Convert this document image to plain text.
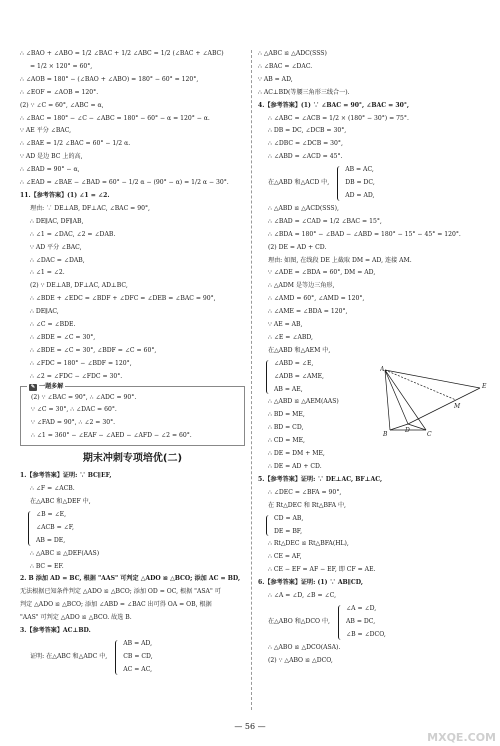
∴ ∠BAO + ∠ABO = 1/2 ∠BAC + 1/2 ∠ABC = 1/2 (∠BAC + ∠ABC)
= 1/2 × 120° = 60°,
∴ ∠AOB = 180° − (∠BAO + ∠ABO) = 180° − 60° = 120°,
∴ ∠EOF = ∠AOB = 120°.
(2) ∵ ∠C = 60°, ∠ABC = α,
∴ ∠BAC = 180° − ∠C − ∠ABC = 180° − 60° − α = 120° − α.
∵ AE 平分 ∠BAC,
∴ ∠BAE = 1/2 ∠BAC = 60° − 1/2 α.
∵ AD 是边 BC 上的高,
∴ ∠BAD = 90° − α,
∴ ∠EAD = ∠BAE − ∠BAD = 60° − 1/2 α − (90° − α) = 1/2 α − 30°.
11.【参考答案】(1) ∠1 = ∠2.
理由: ∵ DE⊥AB, DF⊥AC, ∠BAC = 90°,
∴ DE∥AC, DF∥AB,
∴ ∠1 = ∠DAC, ∠2 = ∠DAB.
∵ AD 平分 ∠BAC,
∴ ∠DAC = ∠DAB,
∴ ∠1 = ∠2.
(2) ∵ DE⊥AB, DF⊥AC, AD⊥BC,
∴ ∠BDE + ∠EDC = ∠BDF + ∠DFC = ∠DEB = ∠BAC = 90°,
∴ DE∥AC,
∴ ∠C = ∠BDE.
∴ ∠BDE = ∠C = 30°,
∴ ∠BDE = ∠C = 30°, ∠BDF = ∠C = 60°,
∴ ∠FDC = 180° − ∠BDF = 120°,
∴ ∠2 = ∠FDC − ∠FDC = 30°.
✎ 一题多解
(2) ∵ ∠BAC = 90°, ∴ ∠ADC = 90°.
∵ ∠C = 30°, ∴ ∠DAC = 60°.
∵ ∠FAD = 90°, ∴ ∠2 = 30°.
∴ ∠1 = 360° − ∠EAF − ∠AED − ∠AFD − ∠2 = 60°.
期末冲刺专项培优(二)
1.【参考答案】证明: ∵ BC∥EF,
∴ ∠F = ∠ACB.
在△ABC 和△DEF 中,
∠B = ∠E,
∠ACB = ∠F,
AB = DE,
∴ △ABC ≌ △DEF(AAS)
∴ BC = EF.
2. B 添加 AD = BC, 根据 "AAS" 可判定 △ADO ≌ △BCO; 添加 AC = BD,
无法根据已知条件判定 △ADO ≌ △BCO; 添加 OD = OC, 根据 "ASA" 可
判定 △ADO ≌ △BCO; 添加 ∠ABD = ∠BAC 出可得 OA = OB, 根据
"AAS" 可判定 △ADO ≌ △BCO. 故选 B.
3.【参考答案】AC⊥BD.
证明: 在△ABC 和△ADC 中,
AB = AD,
CB = CD,
AC = AC,
∴ △ABC ≌ △ADC(SSS)
∴ ∠BAC = ∠DAC.
∵ AB = AD,
∴ AC⊥BD(等腰三角形三线合一).
4.【参考答案】(1) ∵ ∠BAC = 90°, ∠BAC = 30°,
∴ ∠ABC = ∠ACB = 1/2 × (180° − 30°) = 75°.
∴ DB = DC, ∠DCB = 30°,
∴ ∠DBC = ∠DCB = 30°,
∴ ∠ABD = ∠ACD = 45°.
在△ABD 和△ACD 中,
AB = AC,
DB = DC,
AD = AD,
∴ △ABD ≌ △ACD(SSS),
∴ ∠BAD = ∠CAD = 1/2 ∠BAC = 15°,
∴ ∠BDA = 180° − ∠BAD − ∠ABD = 180° − 15° − 45° = 120°.
(2) DE = AD + CD.
理由: 如图, 在线段 DE 上截取 DM = AD, 连接 AM.
∵ ∠ADE = ∠BDA = 60°, DM = AD,
∴ △ADM 是等边三角形,
∴ ∠AMD = 60°, ∠AMD = 120°,
∴ ∠AME = ∠BDA = 120°,
∵ AE = AB,
∴ ∠E = ∠ABD,
在△ABD 和△AEM 中,
∠ABD = ∠E,
∠ADB = ∠AME,
AB = AE,
∴ △ABD ≌ △AEM(AAS)
∴ BD = ME,
∴ BD = CD,
∴ CD = ME,
∴ DE = DM + ME,
∴ DE = AD + CD.
5.【参考答案】证明: ∵ DE⊥AC, BF⊥AC,
∴ ∠DEC = ∠BFA = 90°,
在 Rt△DEC 和 Rt△BFA 中,
CD = AB,
DE = BF,
∴ Rt△DEC ≌ Rt△BFA(HL),
∴ CE = AF,
∴ CE − EF = AF − EF, 即 CF = AE.
6.【参考答案】证明: (1) ∵ AB∥CD,
∴ ∠A = ∠D, ∠B = ∠C,
在△ABO 和△DCO 中,
∠A = ∠D,
AB = DC,
∠B = ∠DCO,
∴ △ABO ≌ △DCO(ASA).
(2) ∵ △ABO ≌ △DCO,
A
B	C
D
E
M
— 56 —
MXQE.COM
